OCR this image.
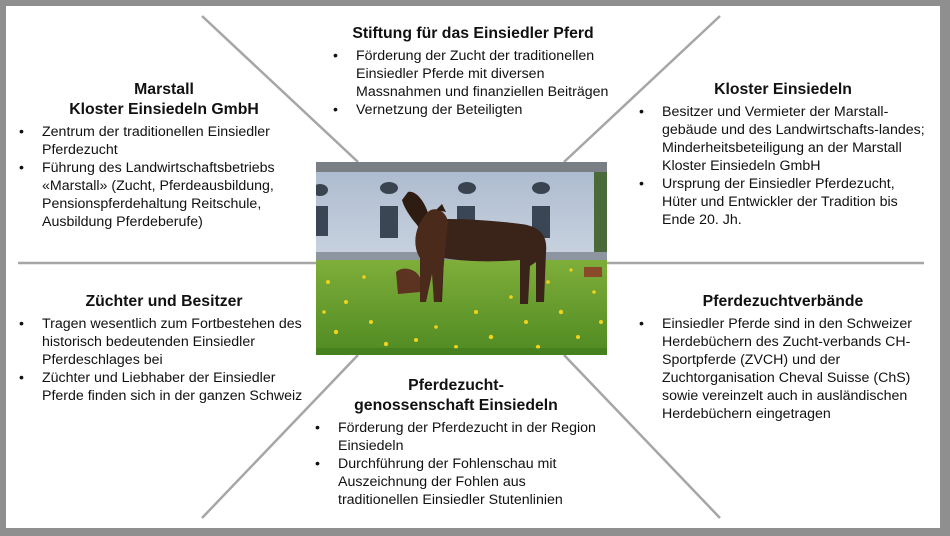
Stiftung für das Einsiedler Pferd
• Förderung der Zucht der traditionellen Einsiedler Pferde mit diversen Massnahmen und finanziellen Beiträgen
• Vernetzung der Beteiligten
Marstall
Kloster Einsiedeln GmbH
• Zentrum der traditionellen Einsiedler Pferdezucht
• Führung des Landwirtschaftsbetriebs «Marstall» (Zucht, Pferdeausbildung, Pensionspferdehaltung Reitschule, Ausbildung Pferdeberufe)
Kloster Einsiedeln
• Besitzer und Vermieter der Marstall-gebäude und des Landwirtschafts-landes; Minderheitsbeteiligung an der Marstall Kloster Einsiedeln GmbH
• Ursprung der Einsiedler Pferdezucht, Hüter und Entwickler der Tradition bis Ende 20. Jh.
Züchter und Besitzer
• Tragen wesentlich zum Fortbestehen des historisch bedeutenden Einsiedler Pferdeschlages bei
• Züchter und Liebhaber der Einsiedler Pferde finden sich in der ganzen Schweiz
Pferdezuchtverbände
• Einsiedler Pferde sind in den Schweizer Herdebüchern des Zucht-verbands CH-Sportpferde (ZVCH) und der Zuchtorganisation Cheval Suisse (ChS) sowie vereinzelt auch in ausländischen Herdebüchern eingetragen
Pferdezucht-
genossenschaft Einsiedeln
• Förderung der Pferdezucht in der Region Einsiedeln
• Durchführung der Fohlenschau mit Auszeichnung der Fohlen aus traditionellen Einsiedler Stutenlinien
